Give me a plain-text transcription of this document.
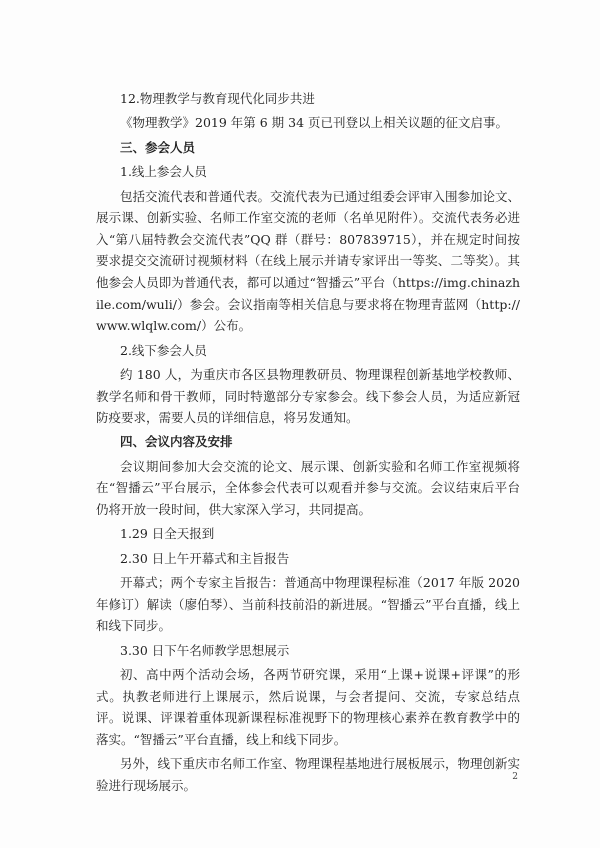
12.物理教学与教育现代化同步共进

《物理教学》2019 年第 6 期 34 页已刊登以上相关议题的征文启事。

三、参会人员

1.线上参会人员

包括交流代表和普通代表。交流代表为已通过组委会评审入围参加论文、展示课、创新实验、名师工作室交流的老师（名单见附件）。交流代表务必进入“第八届特教会交流代表”QQ 群（群号：807839715），并在规定时间按要求提交交流研讨视频材料（在线上展示并请专家评出一等奖、二等奖）。其他参会人员即为普通代表，都可以通过“智播云”平台（https://img.chinazhile.com/wuli/）参会。会议指南等相关信息与要求将在物理青蓝网（http://www.wlqlw.com/）公布。

2.线下参会人员

约 180 人，为重庆市各区县物理教研员、物理课程创新基地学校教师、教学名师和骨干教师，同时特邀部分专家参会。线下参会人员，为适应新冠防疫要求，需要人员的详细信息，将另发通知。

四、会议内容及安排

会议期间参加大会交流的论文、展示课、创新实验和名师工作室视频将在“智播云”平台展示，全体参会代表可以观看并参与交流。会议结束后平台仍将开放一段时间，供大家深入学习，共同提高。

1.29 日全天报到

2.30 日上午开幕式和主旨报告

开幕式；两个专家主旨报告：普通高中物理课程标准（2017 年版 2020 年修订）解读（廖伯琴）、当前科技前沿的新进展。“智播云”平台直播，线上和线下同步。

3.30 日下午名师教学思想展示

初、高中两个活动会场，各两节研究课，采用“上课+说课+评课”的形式。执教老师进行上课展示，然后说课，与会者提问、交流，专家总结点评。说课、评课着重体现新课程标准视野下的物理核心素养在教育教学中的落实。“智播云”平台直播，线上和线下同步。

另外，线下重庆市名师工作室、物理课程基地进行展板展示，物理创新实验进行现场展示。

2
